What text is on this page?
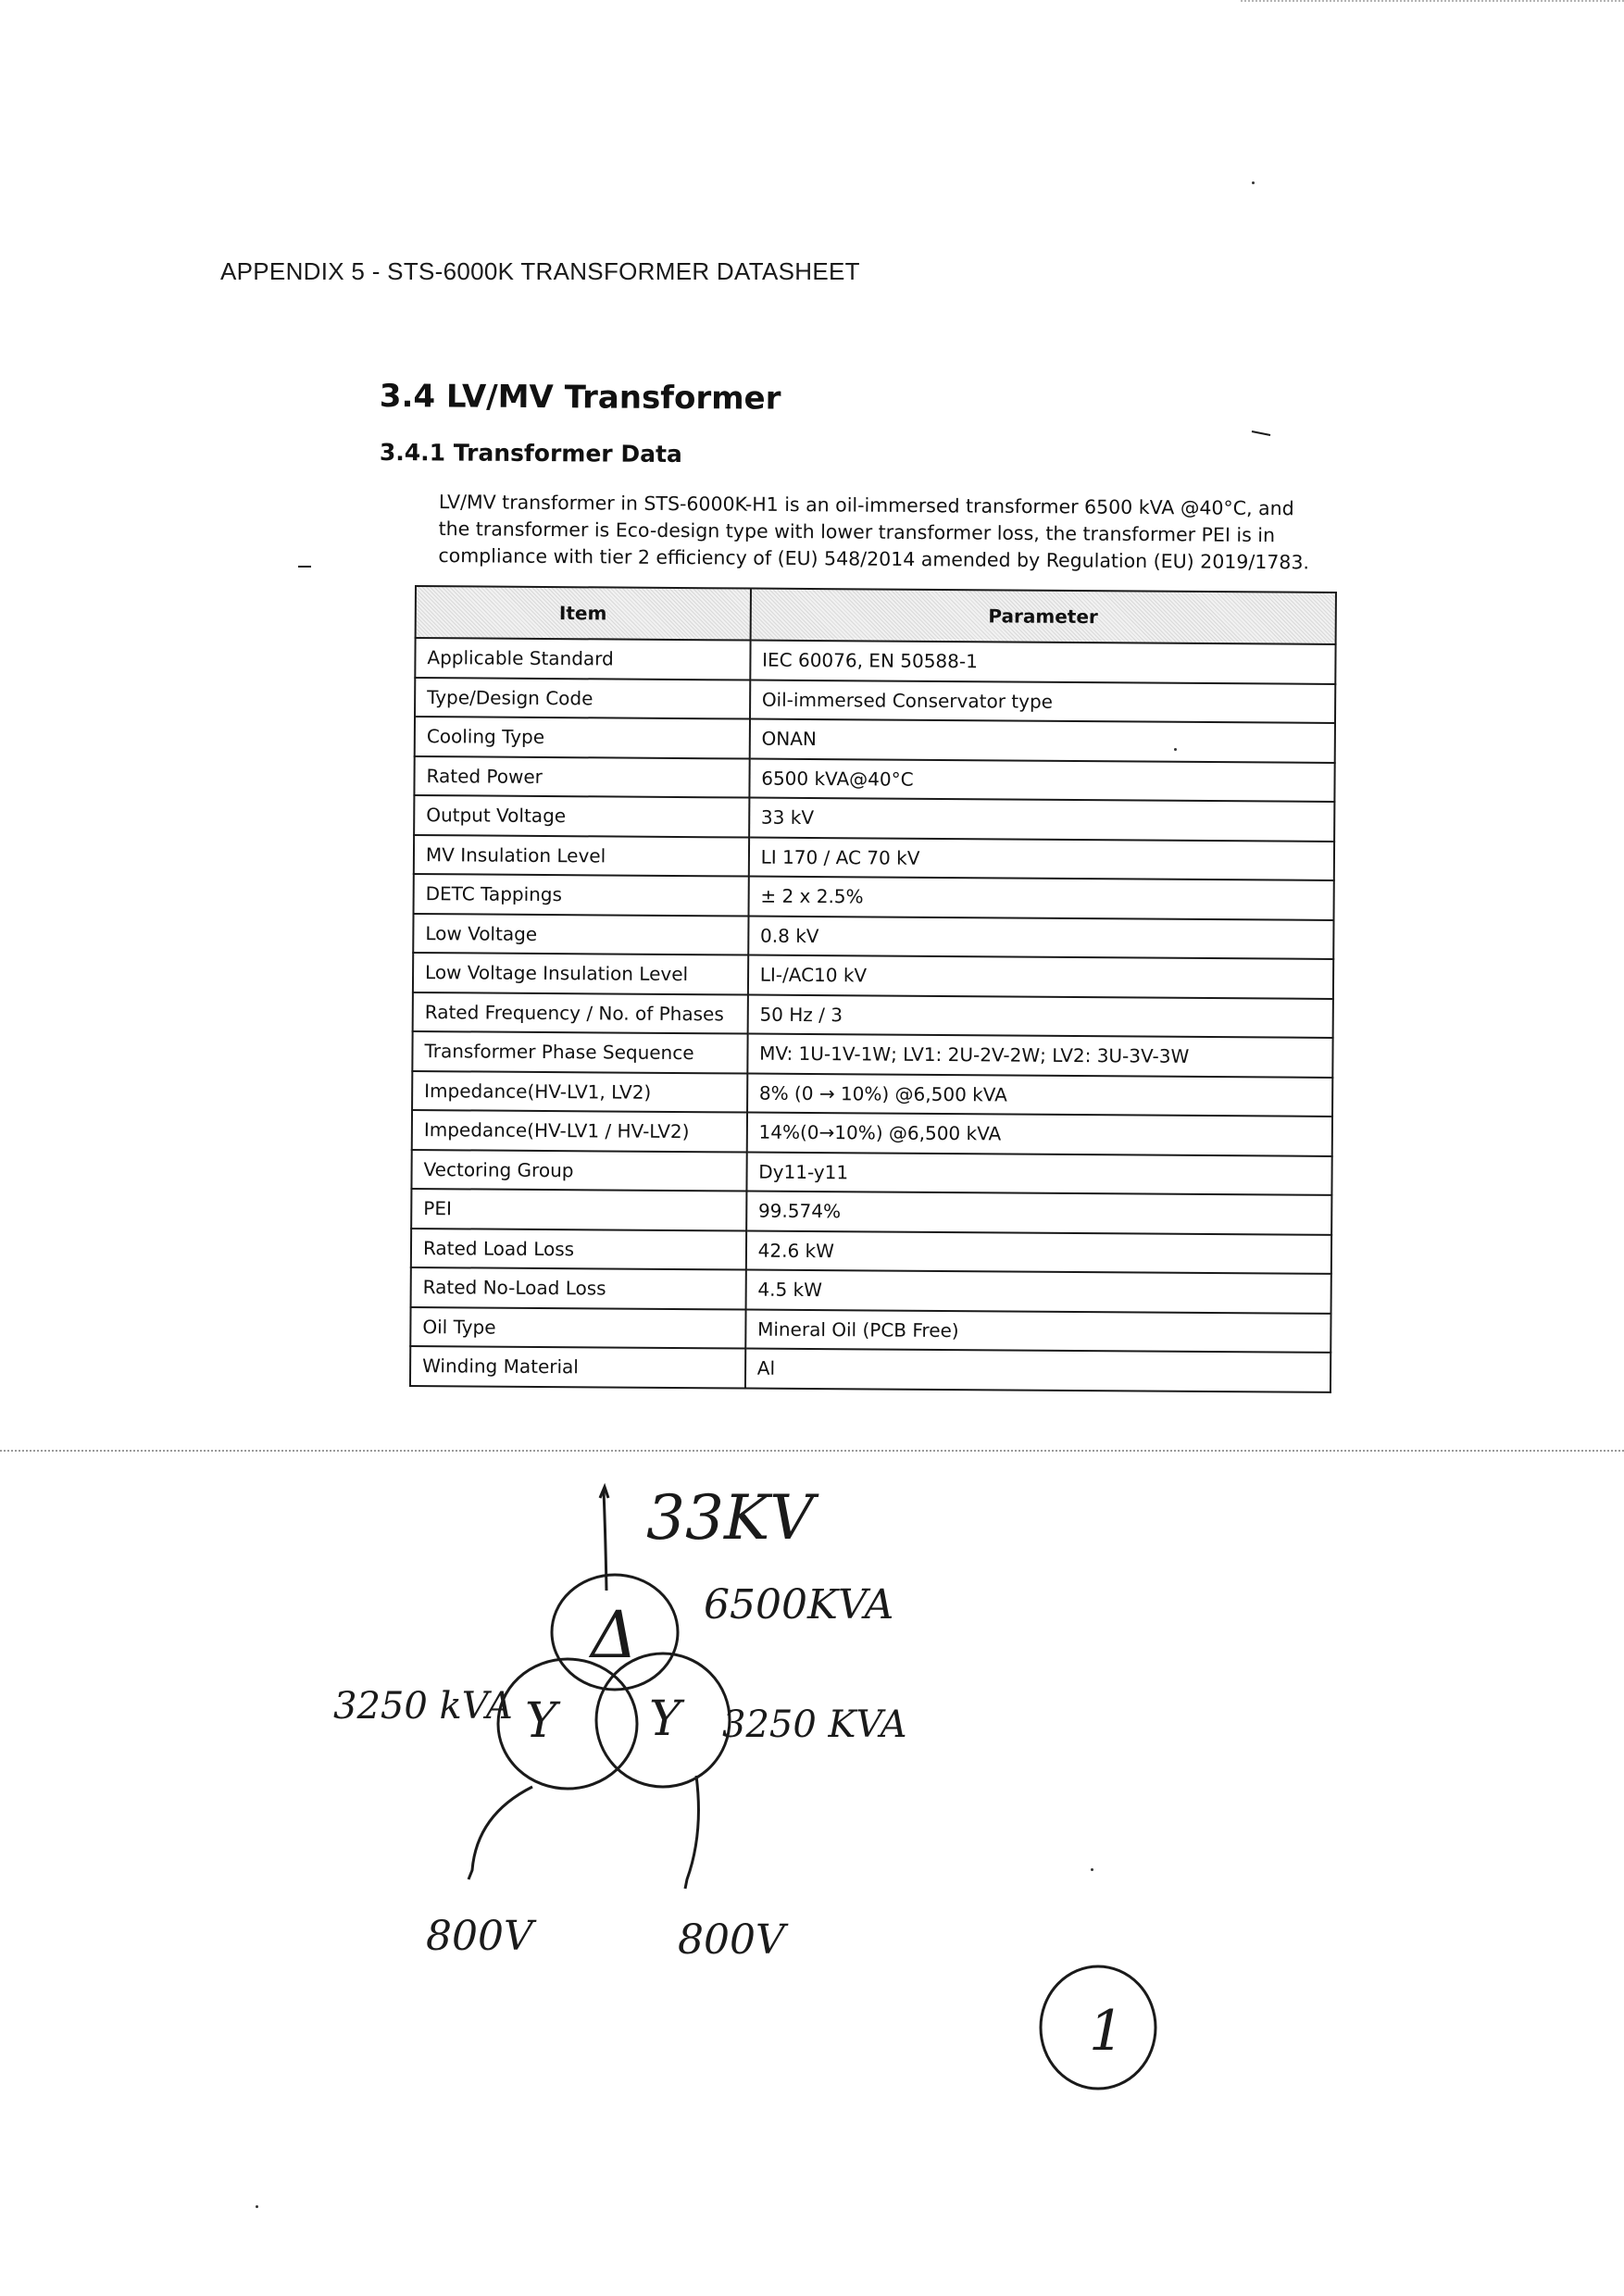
APPENDIX 5 - STS-6000K TRANSFORMER DATASHEET
3.4 LV/MV Transformer
3.4.1 Transformer Data
LV/MV transformer in STS-6000K-H1 is an oil-immersed transformer 6500 kVA @40°C, and
the transformer is Eco-design type with lower transformer loss, the transformer PEI is in
compliance with tier 2 efficiency of (EU) 548/2014 amended by Regulation (EU) 2019/1783.
Item	Parameter
Applicable Standard	IEC 60076, EN 50588-1
Type/Design Code	Oil-immersed Conservator type
Cooling Type	ONAN
Rated Power	6500 kVA@40°C
Output Voltage	33 kV
MV Insulation Level	LI 170 / AC 70 kV
DETC Tappings	± 2 x 2.5%
Low Voltage	0.8 kV
Low Voltage Insulation Level	LI-/AC10 kV
Rated Frequency / No. of Phases	50 Hz / 3
Transformer Phase Sequence	MV: 1U-1V-1W; LV1: 2U-2V-2W; LV2: 3U-3V-3W
Impedance(HV-LV1, LV2)	8% (0 → 10%) @6,500 kVA
Impedance(HV-LV1 / HV-LV2)	14%(0→10%) @6,500 kVA
Vectoring Group	Dy11-y11
PEI	99.574%
Rated Load Loss	42.6 kW
Rated No-Load Loss	4.5 kW
Oil Type	Mineral Oil (PCB Free)
Winding Material	Al
Δ
Y Y
33KV
6500KVA
3250 kVA	3250 KVA
800V	800V
1
